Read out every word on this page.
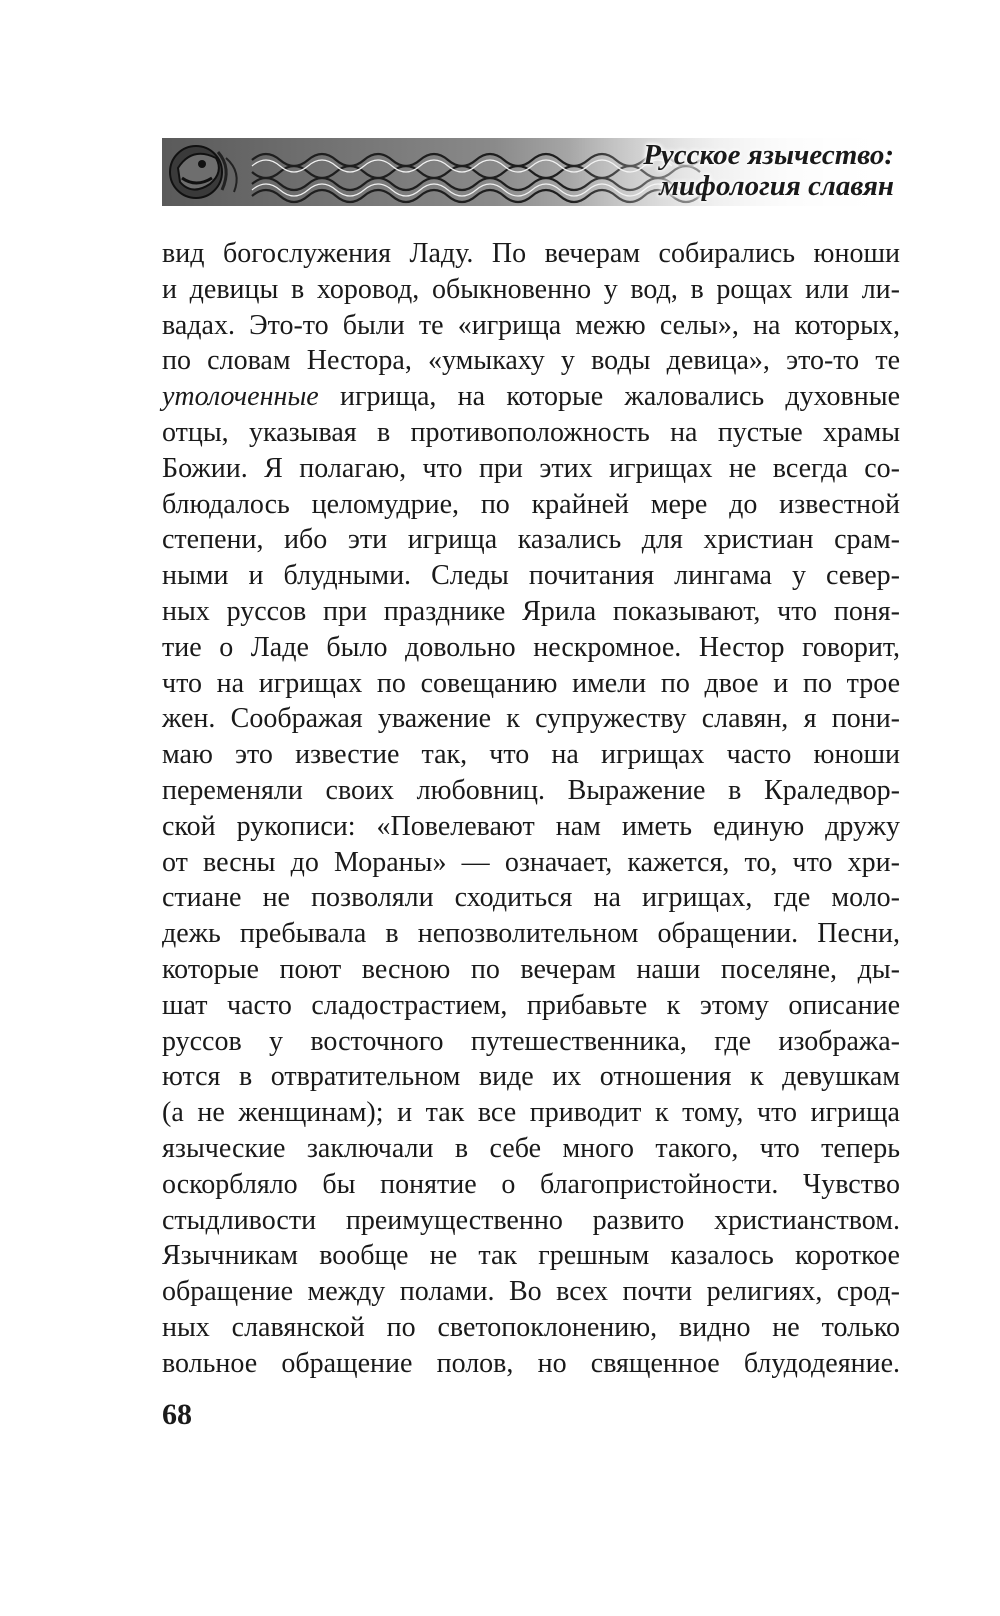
Русское язычество:
мифология славян
вид богослужения Ладу. По вечерам собирались юноши
и девицы в хоровод, обыкновенно у вод, в рощах или ли-
вадах. Это-то были те «игрища межю селы», на которых,
по словам Нестора, «умыкаху у воды девица», это-то те
утолоченные игрища, на которые жаловались духовные
отцы, указывая в противоположность на пустые храмы
Божии. Я полагаю, что при этих игрищах не всегда со-
блюдалось целомудрие, по крайней мере до известной
степени, ибо эти игрища казались для христиан срам-
ными и блудными. Следы почитания лингама у север-
ных руссов при празднике Ярила показывают, что поня-
тие о Ладе было довольно нескромное. Нестор говорит,
что на игрищах по совещанию имели по двое и по трое
жен. Соображая уважение к супружеству славян, я пони-
маю это известие так, что на игрищах часто юноши
переменяли своих любовниц. Выражение в Краледвор-
ской рукописи: «Повелевают нам иметь единую дружу
от весны до Мораны» — означает, кажется, то, что хри-
стиане не позволяли сходиться на игрищах, где моло-
дежь пребывала в непозволительном обращении. Песни,
которые поют весною по вечерам наши поселяне, ды-
шат часто сладострастием, прибавьте к этому описание
руссов у восточного путешественника, где изобража-
ются в отвратительном виде их отношения к девушкам
(а не женщинам); и так все приводит к тому, что игрища
языческие заключали в себе много такого, что теперь
оскорбляло бы понятие о благопристойности. Чувство
стыдливости преимущественно развито христианством.
Язычникам вообще не так грешным казалось короткое
обращение между полами. Во всех почти религиях, срод-
ных славянской по светопоклонению, видно не только
вольное обращение полов, но священное блудодеяние.
68
